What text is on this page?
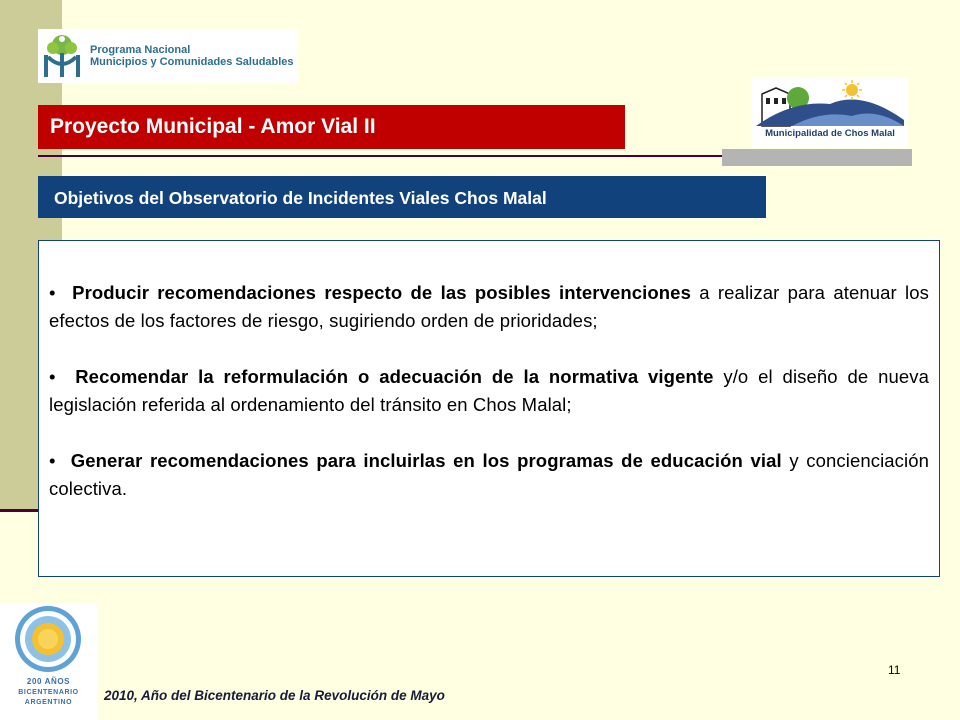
Programa Nacional
Municipios y Comunidades Saludables
Proyecto Municipal - Amor Vial II	Municipalidad de Chos Malal
Objetivos del Observatorio de Incidentes Viales Chos Malal

• Producir recomendaciones respecto de las posibles intervenciones a realizar para atenuar los efectos de los factores de riesgo, sugiriendo orden de prioridades;

• Recomendar la reformulación o adecuación de la normativa vigente y/o el diseño de nueva legislación referida al ordenamiento del tránsito en Chos Malal;

• Generar recomendaciones para incluirlas en los programas de educación vial y concienciación colectiva.

200 AÑOS
BICENTENARIO
ARGENTINO
11
2010, Año del Bicentenario de la Revolución de Mayo
